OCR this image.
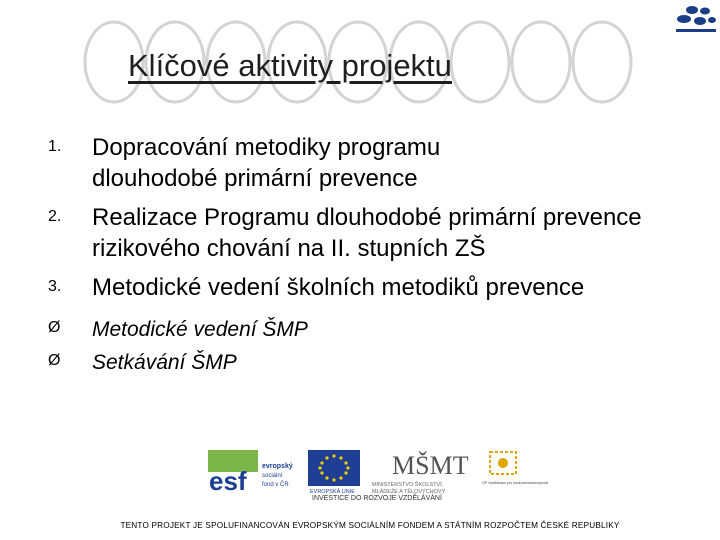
Klíčové aktivity projektu
1. Dopracování metodiky programu dlouhodobé primární prevence
2. Realizace Programu dlouhodobé primární prevence rizikového chování na II. stupních ZŠ
3. Metodické vedení školních metodiků prevence
Ø Metodické vedení ŠMP
Ø Setkávání ŠMP
esf evropský
sociální
fond v ČR
EVROPSKÁ UNIE
MŠMT
MINISTERSTVO ŠKOLSTVÍ,
MLÁDEŽE A TĚLOVÝCHOVY
OP Vzdělávání pro konkurenceschopnost
INVESTICE DO ROZVOJE VZDĚLÁVÁNÍ
TENTO PROJEKT JE SPOLUFINANCOVÁN EVROPSKÝM SOCIÁLNÍM FONDEM A STÁTNÍM ROZPOČTEM ČESKÉ REPUBLIKY
